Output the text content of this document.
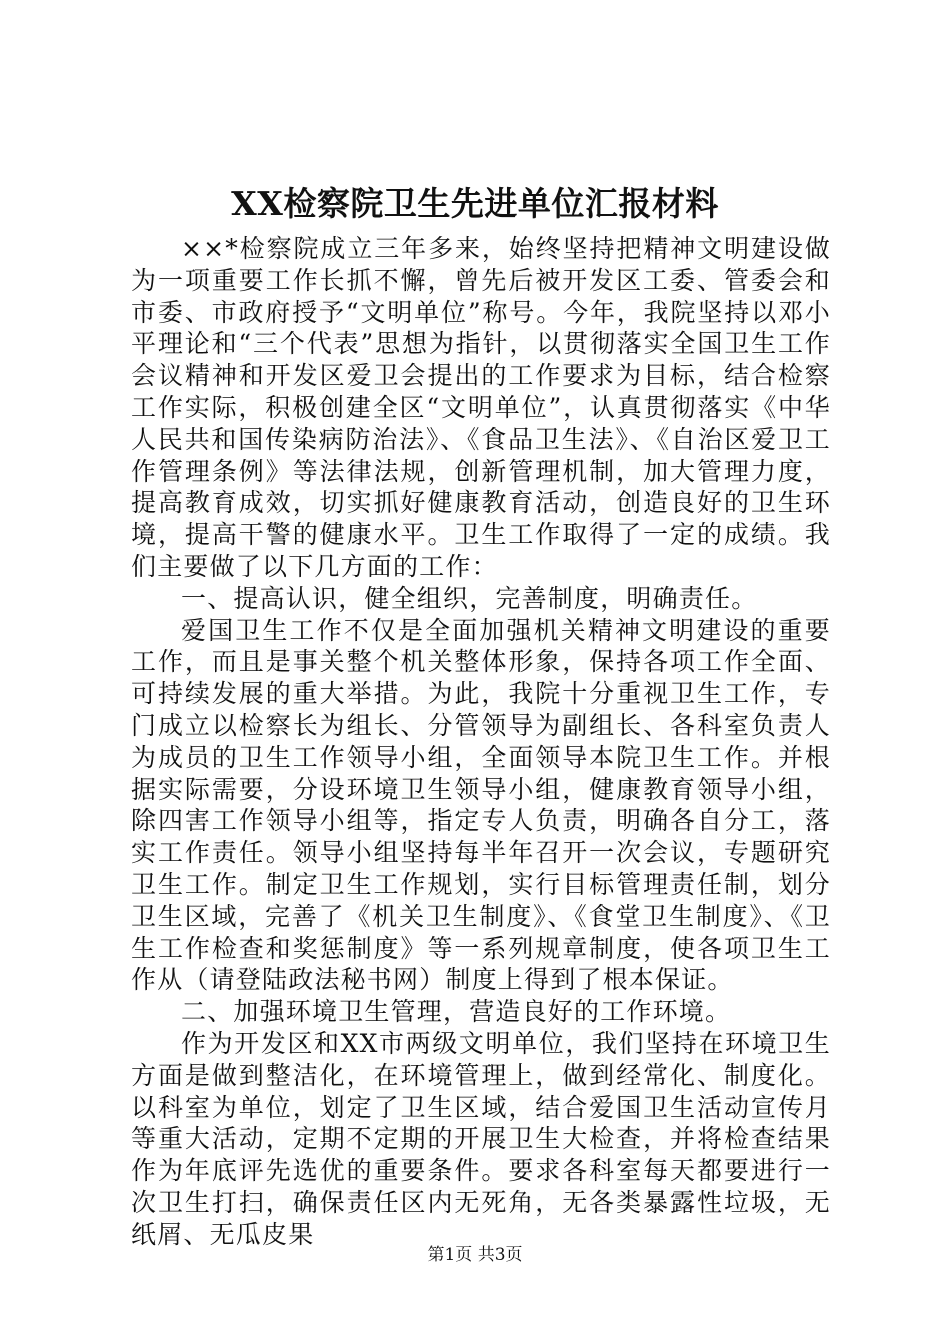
XX检察院卫生先进单位汇报材料

××*检察院成立三年多来，始终坚持把精神文明建设做为一项重要工作长抓不懈，曾先后被开发区工委、管委会和市委、市政府授予“文明单位”称号。今年，我院坚持以邓小平理论和“三个代表”思想为指针，以贯彻落实全国卫生工作会议精神和开发区爱卫会提出的工作要求为目标，结合检察工作实际，积极创建全区“文明单位”，认真贯彻落实《中华人民共和国传染病防治法》、《食品卫生法》、《自治区爱卫工作管理条例》等法律法规，创新管理机制，加大管理力度，提高教育成效，切实抓好健康教育活动，创造良好的卫生环境，提高干警的健康水平。卫生工作取得了一定的成绩。我们主要做了以下几方面的工作：

一、提高认识，健全组织，完善制度，明确责任。

爱国卫生工作不仅是全面加强机关精神文明建设的重要工作，而且是事关整个机关整体形象，保持各项工作全面、可持续发展的重大举措。为此，我院十分重视卫生工作，专门成立以检察长为组长、分管领导为副组长、各科室负责人为成员的卫生工作领导小组，全面领导本院卫生工作。并根据实际需要，分设环境卫生领导小组，健康教育领导小组，除四害工作领导小组等，指定专人负责，明确各自分工，落实工作责任。领导小组坚持每半年召开一次会议，专题研究卫生工作。制定卫生工作规划，实行目标管理责任制，划分卫生区域，完善了《机关卫生制度》、《食堂卫生制度》、《卫生工作检查和奖惩制度》等一系列规章制度，使各项卫生工作从（请登陆政法秘书网）制度上得到了根本保证。

二、加强环境卫生管理，营造良好的工作环境。

作为开发区和XX市两级文明单位，我们坚持在环境卫生方面是做到整洁化，在环境管理上，做到经常化、制度化。以科室为单位，划定了卫生区域，结合爱国卫生活动宣传月等重大活动，定期不定期的开展卫生大检查，并将检查结果作为年底评先选优的重要条件。要求各科室每天都要进行一次卫生打扫，确保责任区内无死角，无各类暴露性垃圾，无纸屑、无瓜皮果

第1页 共3页
